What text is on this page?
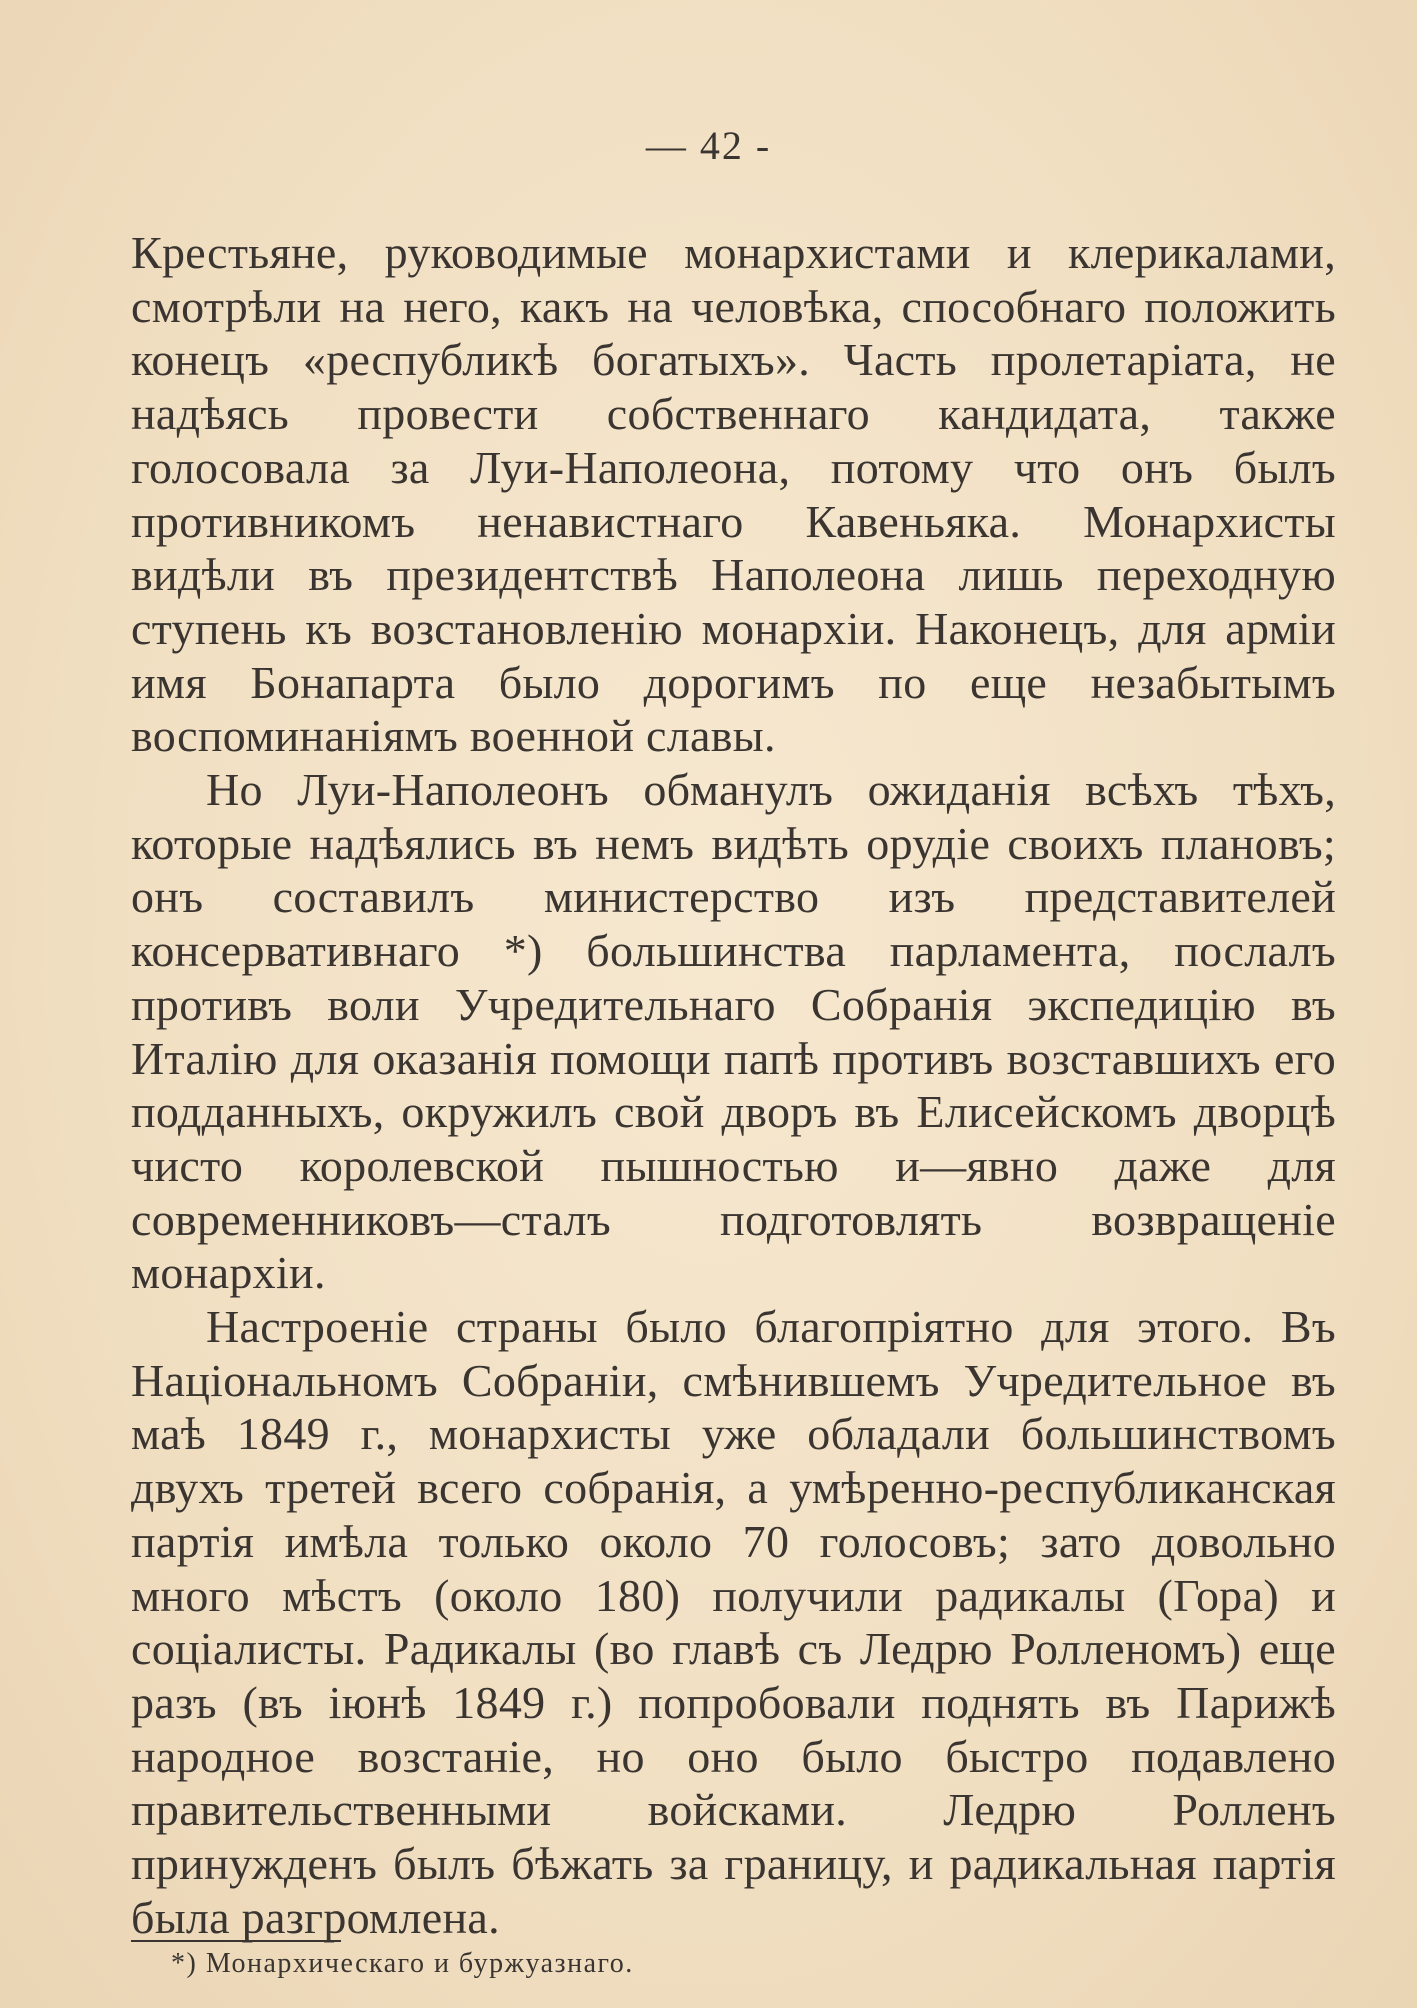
— 42 -

Крестьяне, руководимые монархистами и клерикалами, смотрѣли на него, какъ на человѣка, способнаго положить конецъ «республикѣ богатыхъ». Часть пролетаріата, не надѣясь провести собственнаго кандидата, также голосовала за Луи-Наполеона, потому что онъ былъ противникомъ ненавистнаго Кавеньяка. Монархисты видѣли въ президентствѣ Наполеона лишь переходную ступень къ возстановленію монархіи. Наконецъ, для арміи имя Бонапарта было дорогимъ по еще незабытымъ воспоминаніямъ военной славы.

Но Луи-Наполеонъ обманулъ ожиданія всѣхъ тѣхъ, которые надѣялись въ немъ видѣть орудіе своихъ плановъ; онъ составилъ министерство изъ представителей консервативнаго *) большинства парламента, послалъ противъ воли Учредительнаго Собранія экспедицію въ Италію для оказанія помощи папѣ противъ возставшихъ его подданныхъ, окружилъ свой дворъ въ Елисейскомъ дворцѣ чисто королевской пышностью и—явно даже для современниковъ—сталъ подготовлять возвращеніе монархіи.

Настроеніе страны было благопріятно для этого. Въ Національномъ Собраніи, смѣнившемъ Учредительное въ маѣ 1849 г., монархисты уже обладали большинствомъ двухъ третей всего собранія, а умѣренно-республиканская партія имѣла только около 70 голосовъ; зато довольно много мѣстъ (около 180) получили радикалы (Гора) и соціалисты. Радикалы (во главѣ съ Ледрю Ролленомъ) еще разъ (въ іюнѣ 1849 г.) попробовали поднять въ Парижѣ народное возстаніе, но оно было быстро подавлено правительственными войсками. Ледрю Ролленъ принужденъ былъ бѣжать за границу, и радикальная партія была разгромлена.

*) Монархическаго и буржуазнаго.
